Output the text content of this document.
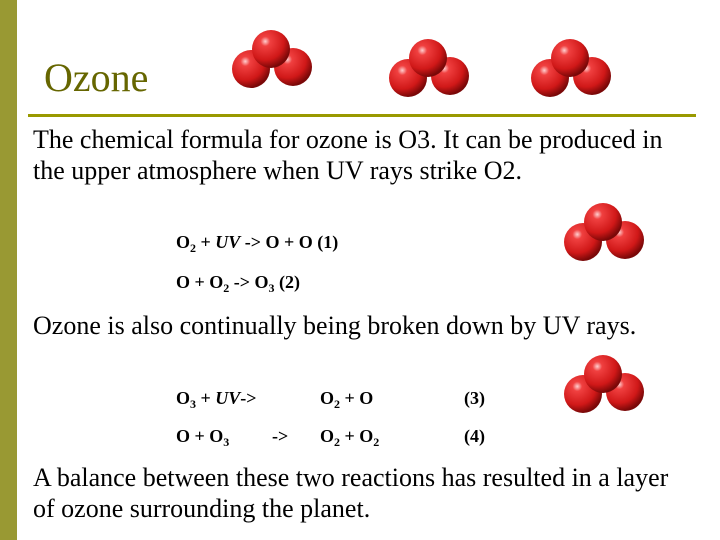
Ozone
The chemical formula for ozone is O3. It can be produced in the upper atmosphere when UV rays strike O2.
$O_2$ + UV -> O + O (1)
$O + O_2 -> O_3$ (2)
Ozone is also continually being broken down by UV rays.
$O_3 + UV->$	$O_2 + O$	(3)
$O + O_3 -> O_2 + O_2$	(4)
A balance between these two reactions has resulted in a layer of ozone surrounding the planet.
